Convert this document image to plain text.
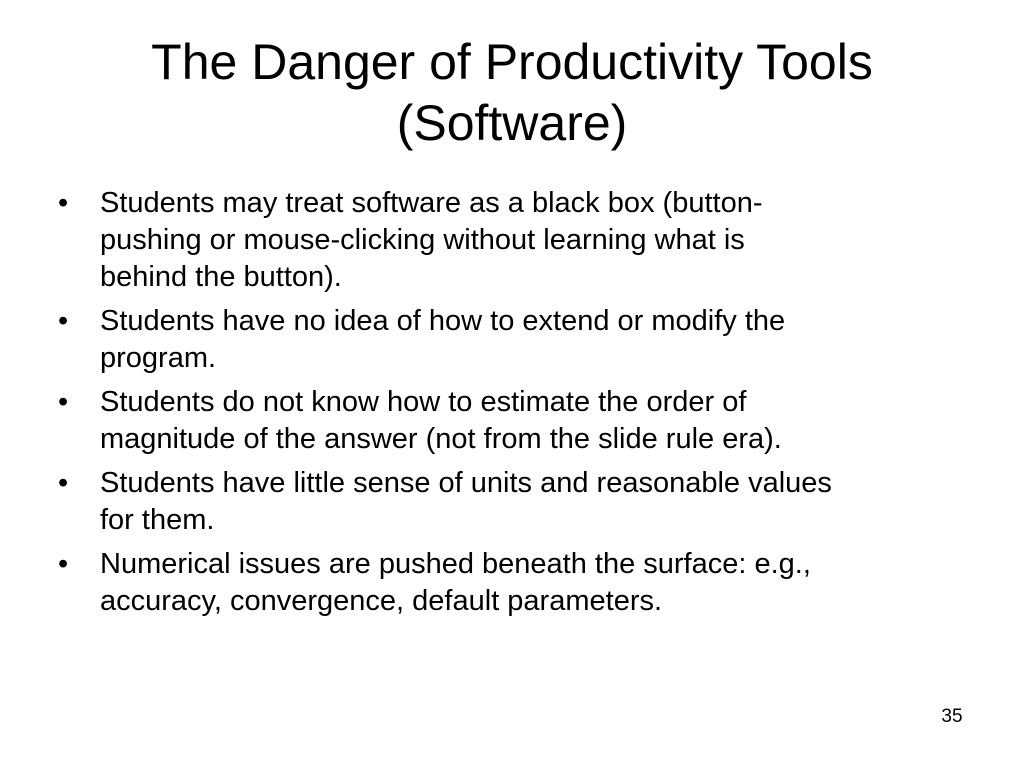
The Danger of Productivity Tools
(Software)
• Students may treat software as a black box (button-
pushing or mouse-clicking without learning what is
behind the button).
• Students have no idea of how to extend or modify the
program.
• Students do not know how to estimate the order of
magnitude of the answer (not from the slide rule era).
• Students have little sense of units and reasonable values
for them.
• Numerical issues are pushed beneath the surface: e.g.,
accuracy, convergence, default parameters.
35
